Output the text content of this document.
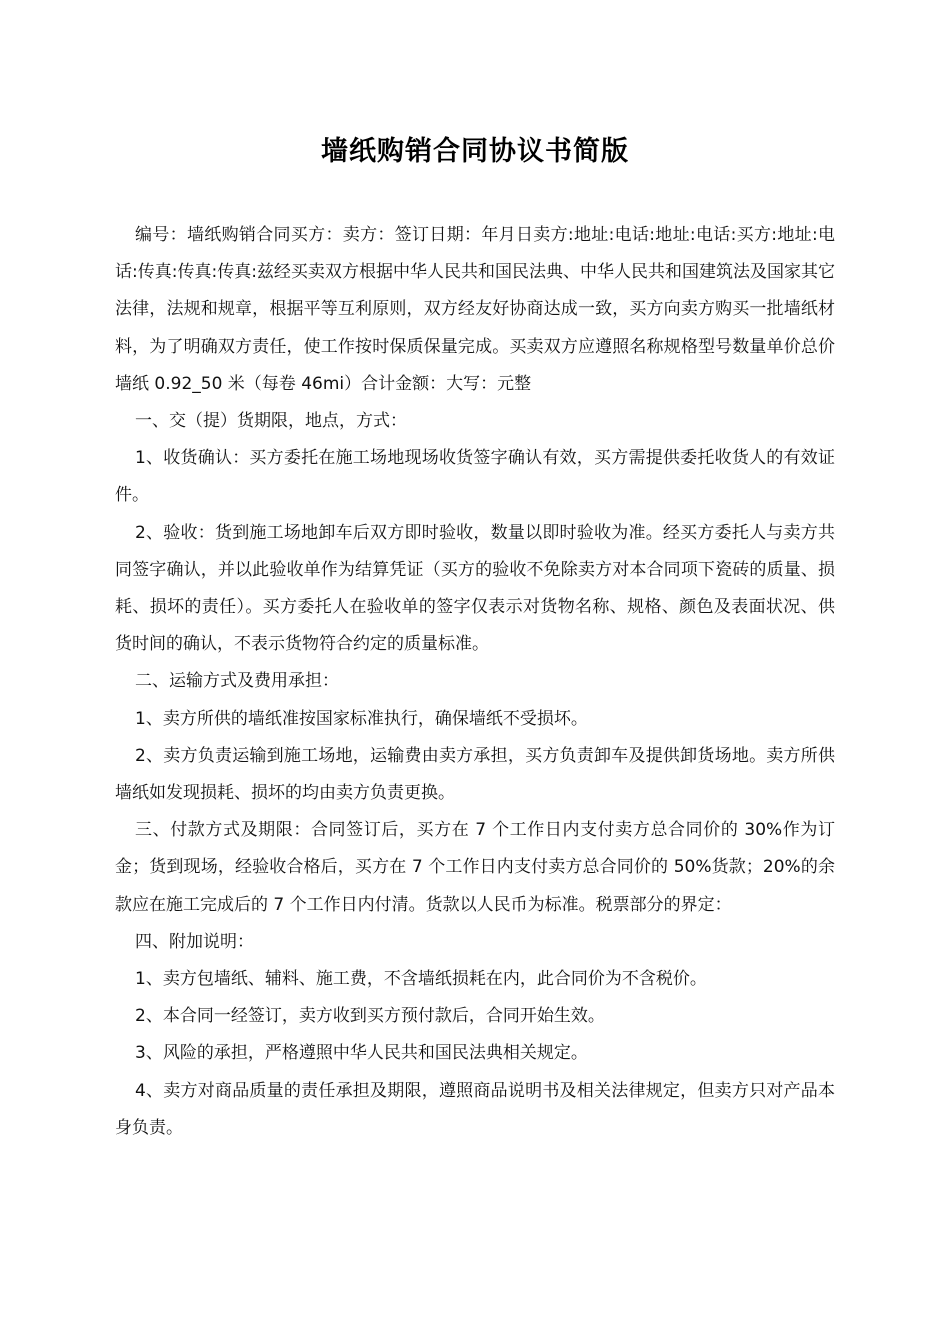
墙纸购销合同协议书简版

编号：墙纸购销合同买方：卖方：签订日期：年月日卖方:地址:电话:地址:电话:买方:地址:电话:传真:传真:传真:兹经买卖双方根据中华人民共和国民法典、中华人民共和国建筑法及国家其它法律，法规和规章，根据平等互利原则，双方经友好协商达成一致，买方向卖方购买一批墙纸材料，为了明确双方责任，使工作按时保质保量完成。买卖双方应遵照名称规格型号数量单价总价墙纸 0.92_50 米（每卷 46mi）合计金额：大写：元整

一、交（提）货期限，地点，方式：

1、收货确认：买方委托在施工场地现场收货签字确认有效，买方需提供委托收货人的有效证件。

2、验收：货到施工场地卸车后双方即时验收，数量以即时验收为准。经买方委托人与卖方共同签字确认，并以此验收单作为结算凭证（买方的验收不免除卖方对本合同项下瓷砖的质量、损耗、损坏的责任）。买方委托人在验收单的签字仅表示对货物名称、规格、颜色及表面状况、供货时间的确认，不表示货物符合约定的质量标准。

二、运输方式及费用承担：

1、卖方所供的墙纸准按国家标准执行，确保墙纸不受损坏。

2、卖方负责运输到施工场地，运输费由卖方承担，买方负责卸车及提供卸货场地。卖方所供墙纸如发现损耗、损坏的均由卖方负责更换。

三、付款方式及期限：合同签订后，买方在 7 个工作日内支付卖方总合同价的 30%作为订金；货到现场，经验收合格后，买方在 7 个工作日内支付卖方总合同价的 50%货款；20%的余款应在施工完成后的 7 个工作日内付清。货款以人民币为标准。税票部分的界定：

四、附加说明：

1、卖方包墙纸、辅料、施工费，不含墙纸损耗在内，此合同价为不含税价。

2、本合同一经签订，卖方收到买方预付款后，合同开始生效。

3、风险的承担，严格遵照中华人民共和国民法典相关规定。

4、卖方对商品质量的责任承担及期限，遵照商品说明书及相关法律规定，但卖方只对产品本身负责。
